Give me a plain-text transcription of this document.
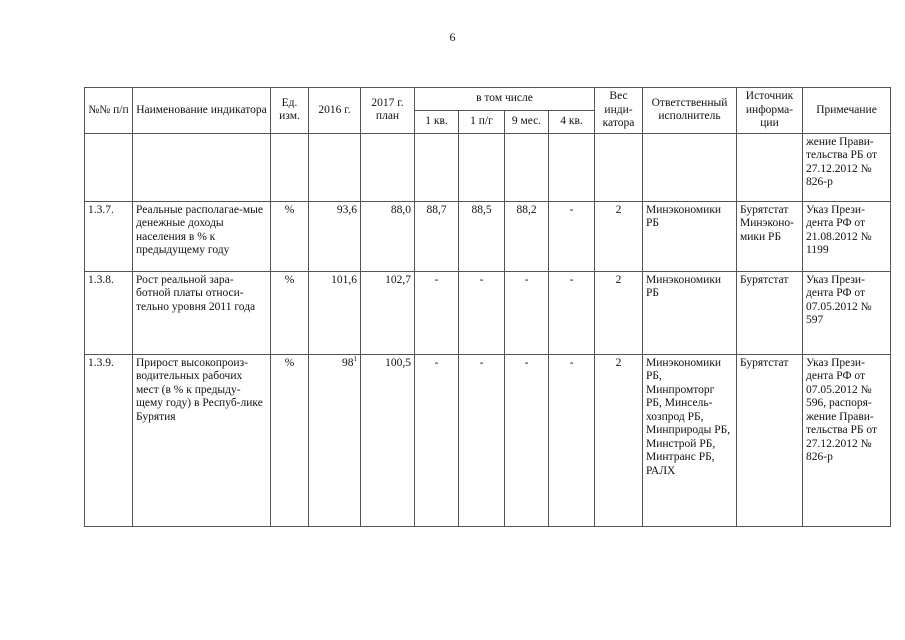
6
№№ п/п	Наименование индикатора	Ед. изм.	2016 г.	2017 г. план	в том числе				Вес инди-катора	Ответственный исполнитель	Источник информа-ции	Примечание
					1 кв.	1 п/г	9 мес.	4 кв.				
												жение Прави-тельства РБ от 27.12.2012 № 826-р
1.3.7.	Реальные располагае-мые денежные доходы населения в % к предыдущему году	%	93,6	88,0	88,7	88,5	88,2	-	2	Минэкономики РБ	Бурятстат Минэконо-мики РБ	Указ Прези-дента РФ от 21.08.2012 № 1199
1.3.8.	Рост реальной зара-ботной платы относи-тельно уровня 2011 года	%	101,6	102,7	-	-	-	-	2	Минэкономики РБ	Бурятстат	Указ Прези-дента РФ от 07.05.2012 № 597
1.3.9.	Прирост высокопроиз-водительных рабочих мест (в % к предыду-щему году) в Респуб-лике Бурятия	%	$98^1$	100,5	-	-	-	-	2	Минэкономики РБ, Минпромторг РБ, Минсель-хозпрод РБ, Минприроды РБ, Минстрой РБ, Минтранс РБ, РАЛХ	Бурятстат	Указ Прези-дента РФ от 07.05.2012 № 596, распоря-жение Прави-тельства РБ от 27.12.2012 № 826-р
